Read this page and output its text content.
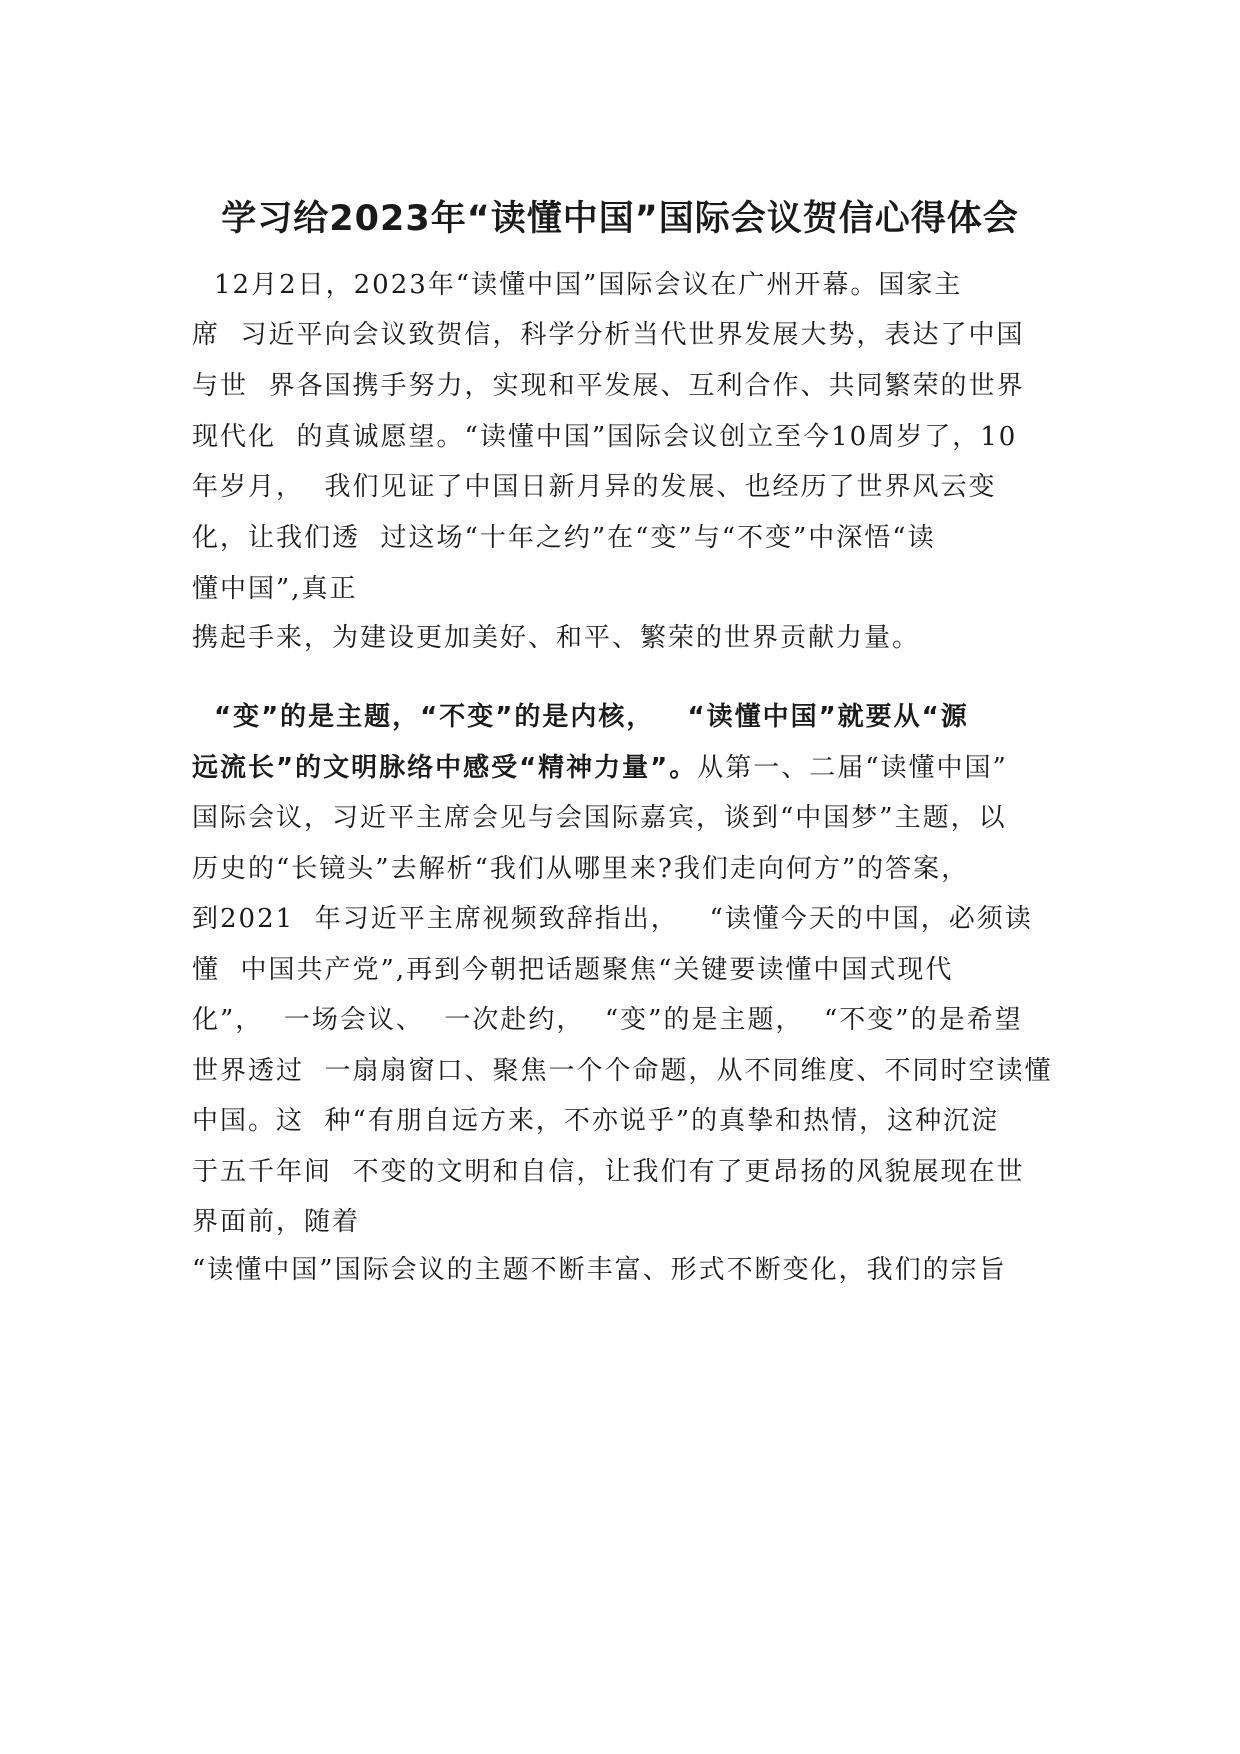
学习给2023年“读懂中国”国际会议贺信心得体会
12月2日，2023年“读懂中国”国际会议在广州开幕。国家主
席  习近平向会议致贺信，科学分析当代世界发展大势，表达了中国
与世  界各国携手努力，实现和平发展、互利合作、共同繁荣的世界
现代化  的真诚愿望。“读懂中国”国际会议创立至今10周岁了，10
年岁月，  我们见证了中国日新月异的发展、也经历了世界风云变
化，让我们透  过这场“十年之约”在“变”与“不变”中深悟“读
懂中国”,真正
携起手来，为建设更加美好、和平、繁荣的世界贡献力量。
“变”的是主题，“不变”的是内核，   “读懂中国”就要从“源
远流长”的文明脉络中感受“精神力量”。从第一、二届“读懂中国”
国际会议，习近平主席会见与会国际嘉宾，谈到“中国梦”主题，以
历史的“长镜头”去解析“我们从哪里来?我们走向何方”的答案，
到2021  年习近平主席视频致辞指出，   “读懂今天的中国，必须读
懂  中国共产党”,再到今朝把话题聚焦“关键要读懂中国式现代
化”，  一场会议、  一次赴约，  “变”的是主题，  “不变”的是希望
世界透过  一扇扇窗口、聚焦一个个命题，从不同维度、不同时空读懂
中国。这  种“有朋自远方来，不亦说乎”的真挚和热情，这种沉淀
于五千年间  不变的文明和自信，让我们有了更昂扬的风貌展现在世
界面前，随着
“读懂中国”国际会议的主题不断丰富、形式不断变化，我们的宗旨
